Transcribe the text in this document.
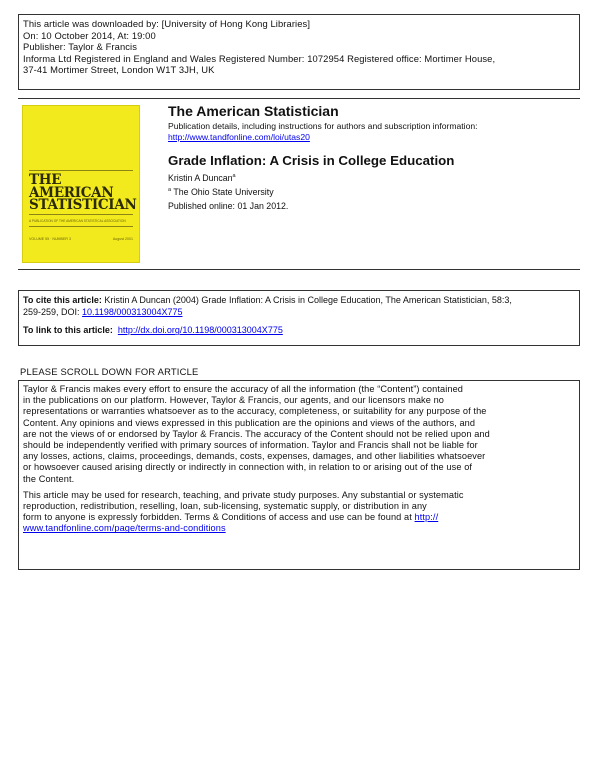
This article was downloaded by: [University of Hong Kong Libraries]
On: 10 October 2014, At: 19:00
Publisher: Taylor & Francis
Informa Ltd Registered in England and Wales Registered Number: 1072954 Registered office: Mortimer House,
37-41 Mortimer Street, London W1T 3JH, UK
THE
AMERICAN
STATISTICIAN
A PUBLICATION OF THE AMERICAN STATISTICAL ASSOCIATION
VOLUME 55 · NUMBER 3	August 2001
The American Statistician
Publication details, including instructions for authors and subscription information:
http://www.tandfonline.com/loi/utas20
Grade Inflation: A Crisis in College Education
Kristin A Duncan$^a$
$^a$ The Ohio State University
Published online: 01 Jan 2012.
To cite this article: Kristin A Duncan (2004) Grade Inflation: A Crisis in College Education, The American Statistician, 58:3,
259-259, DOI: 10.1198/000313004X775
To link to this article: http://dx.doi.org/10.1198/000313004X775
PLEASE SCROLL DOWN FOR ARTICLE
Taylor & Francis makes every effort to ensure the accuracy of all the information (the “Content”) contained
in the publications on our platform. However, Taylor & Francis, our agents, and our licensors make no
representations or warranties whatsoever as to the accuracy, completeness, or suitability for any purpose of the
Content. Any opinions and views expressed in this publication are the opinions and views of the authors, and
are not the views of or endorsed by Taylor & Francis. The accuracy of the Content should not be relied upon and
should be independently verified with primary sources of information. Taylor and Francis shall not be liable for
any losses, actions, claims, proceedings, demands, costs, expenses, damages, and other liabilities whatsoever
or howsoever caused arising directly or indirectly in connection with, in relation to or arising out of the use of
the Content.
This article may be used for research, teaching, and private study purposes. Any substantial or systematic
reproduction, redistribution, reselling, loan, sub-licensing, systematic supply, or distribution in any
form to anyone is expressly forbidden. Terms & Conditions of access and use can be found at http://
www.tandfonline.com/page/terms-and-conditions
